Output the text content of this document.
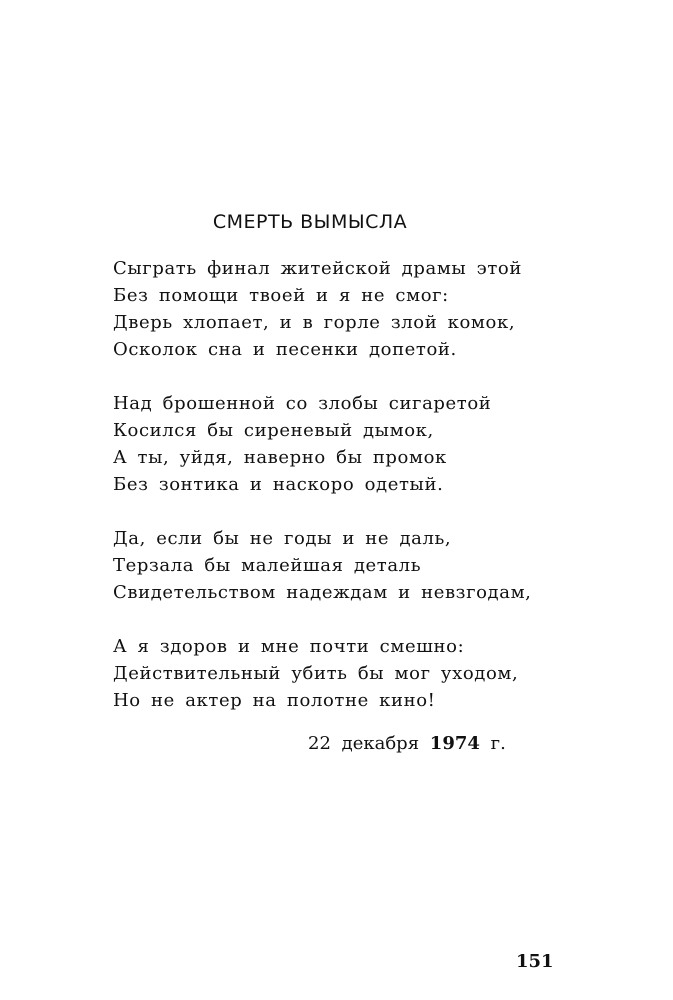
СМЕРТЬ ВЫМЫСЛА
Сыграть финал житейской драмы этой
Без помощи твоей и я не смог:
Дверь хлопает, и в горле злой комок,
Осколок сна и песенки допетой.
Над брошенной со злобы сигаретой
Косился бы сиреневый дымок,
А ты, уйдя, наверно бы промок
Без зонтика и наскоро одетый.
Да, если бы не годы и не даль,
Терзала бы малейшая деталь
Свидетельством надеждам и невзгодам,
А я здоров и мне почти смешно:
Действительный убить бы мог уходом,
Но не актер на полотне кино!
22 декабря 1974 г.
151
